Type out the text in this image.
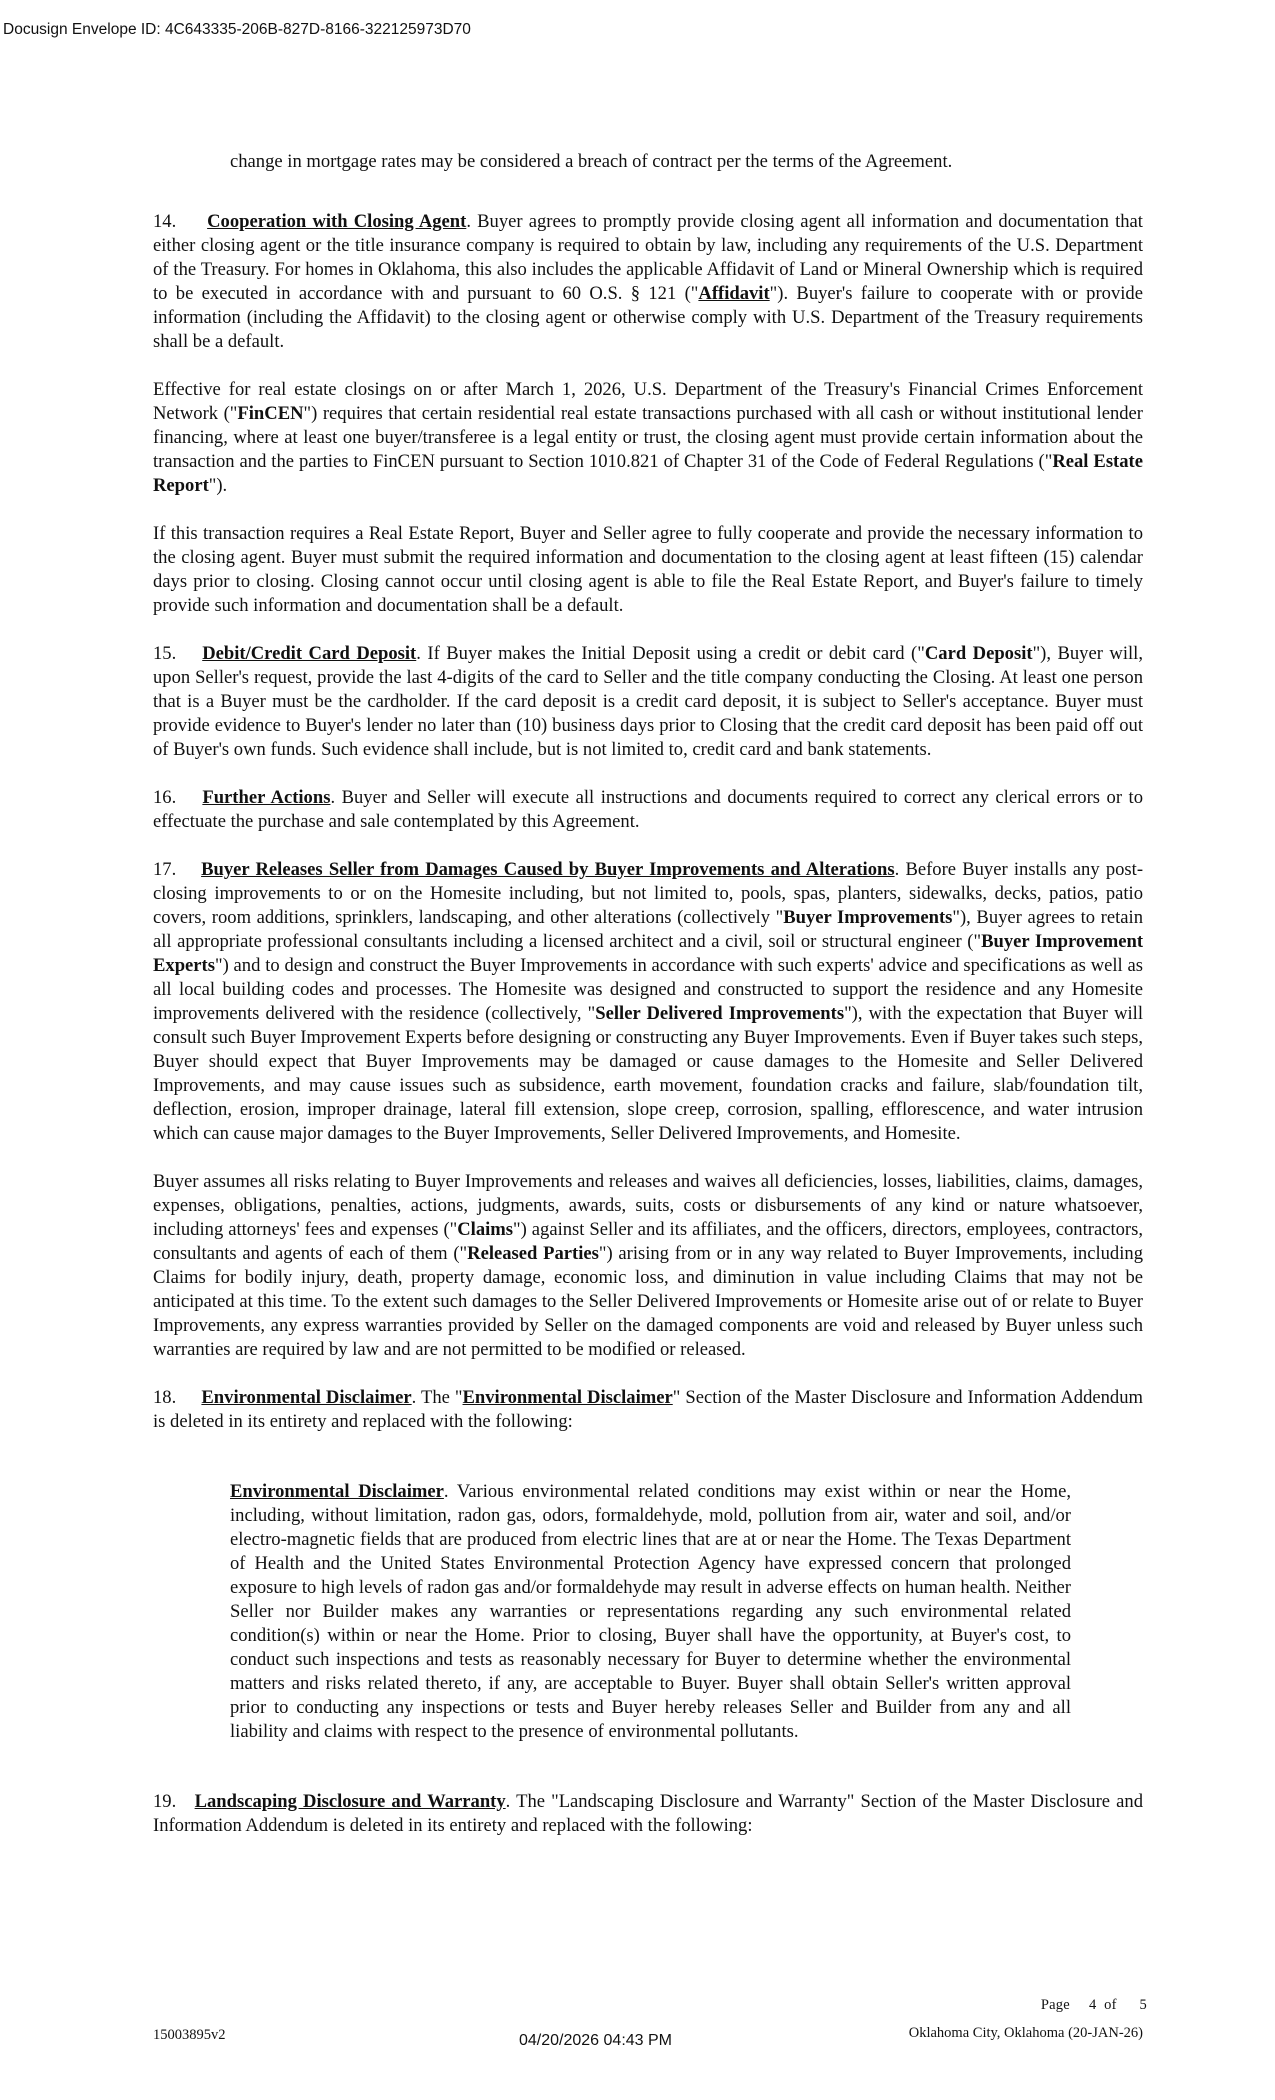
Docusign Envelope ID: 4C643335-206B-827D-8166-322125973D70

change in mortgage rates may be considered a breach of contract per the terms of the Agreement.

14. Cooperation with Closing Agent. Buyer agrees to promptly provide closing agent all information and documentation that either closing agent or the title insurance company is required to obtain by law, including any requirements of the U.S. Department of the Treasury. For homes in Oklahoma, this also includes the applicable Affidavit of Land or Mineral Ownership which is required to be executed in accordance with and pursuant to 60 O.S. § 121 ("Affidavit"). Buyer's failure to cooperate with or provide information (including the Affidavit) to the closing agent or otherwise comply with U.S. Department of the Treasury requirements shall be a default.

Effective for real estate closings on or after March 1, 2026, U.S. Department of the Treasury's Financial Crimes Enforcement Network ("FinCEN") requires that certain residential real estate transactions purchased with all cash or without institutional lender financing, where at least one buyer/transferee is a legal entity or trust, the closing agent must provide certain information about the transaction and the parties to FinCEN pursuant to Section 1010.821 of Chapter 31 of the Code of Federal Regulations ("Real Estate Report").

If this transaction requires a Real Estate Report, Buyer and Seller agree to fully cooperate and provide the necessary information to the closing agent. Buyer must submit the required information and documentation to the closing agent at least fifteen (15) calendar days prior to closing. Closing cannot occur until closing agent is able to file the Real Estate Report, and Buyer's failure to timely provide such information and documentation shall be a default.

15. Debit/Credit Card Deposit. If Buyer makes the Initial Deposit using a credit or debit card ("Card Deposit"), Buyer will, upon Seller's request, provide the last 4-digits of the card to Seller and the title company conducting the Closing. At least one person that is a Buyer must be the cardholder. If the card deposit is a credit card deposit, it is subject to Seller's acceptance. Buyer must provide evidence to Buyer's lender no later than (10) business days prior to Closing that the credit card deposit has been paid off out of Buyer's own funds. Such evidence shall include, but is not limited to, credit card and bank statements.

16. Further Actions. Buyer and Seller will execute all instructions and documents required to correct any clerical errors or to effectuate the purchase and sale contemplated by this Agreement.

17. Buyer Releases Seller from Damages Caused by Buyer Improvements and Alterations. Before Buyer installs any post-closing improvements to or on the Homesite including, but not limited to, pools, spas, planters, sidewalks, decks, patios, patio covers, room additions, sprinklers, landscaping, and other alterations (collectively "Buyer Improvements"), Buyer agrees to retain all appropriate professional consultants including a licensed architect and a civil, soil or structural engineer ("Buyer Improvement Experts") and to design and construct the Buyer Improvements in accordance with such experts' advice and specifications as well as all local building codes and processes. The Homesite was designed and constructed to support the residence and any Homesite improvements delivered with the residence (collectively, "Seller Delivered Improvements"), with the expectation that Buyer will consult such Buyer Improvement Experts before designing or constructing any Buyer Improvements. Even if Buyer takes such steps, Buyer should expect that Buyer Improvements may be damaged or cause damages to the Homesite and Seller Delivered Improvements, and may cause issues such as subsidence, earth movement, foundation cracks and failure, slab/foundation tilt, deflection, erosion, improper drainage, lateral fill extension, slope creep, corrosion, spalling, efflorescence, and water intrusion which can cause major damages to the Buyer Improvements, Seller Delivered Improvements, and Homesite.

Buyer assumes all risks relating to Buyer Improvements and releases and waives all deficiencies, losses, liabilities, claims, damages, expenses, obligations, penalties, actions, judgments, awards, suits, costs or disbursements of any kind or nature whatsoever, including attorneys' fees and expenses ("Claims") against Seller and its affiliates, and the officers, directors, employees, contractors, consultants and agents of each of them ("Released Parties") arising from or in any way related to Buyer Improvements, including Claims for bodily injury, death, property damage, economic loss, and diminution in value including Claims that may not be anticipated at this time. To the extent such damages to the Seller Delivered Improvements or Homesite arise out of or relate to Buyer Improvements, any express warranties provided by Seller on the damaged components are void and released by Buyer unless such warranties are required by law and are not permitted to be modified or released.

18. Environmental Disclaimer. The "Environmental Disclaimer" Section of the Master Disclosure and Information Addendum is deleted in its entirety and replaced with the following:

Environmental Disclaimer. Various environmental related conditions may exist within or near the Home, including, without limitation, radon gas, odors, formaldehyde, mold, pollution from air, water and soil, and/or electro-magnetic fields that are produced from electric lines that are at or near the Home. The Texas Department of Health and the United States Environmental Protection Agency have expressed concern that prolonged exposure to high levels of radon gas and/or formaldehyde may result in adverse effects on human health. Neither Seller nor Builder makes any warranties or representations regarding any such environmental related condition(s) within or near the Home. Prior to closing, Buyer shall have the opportunity, at Buyer's cost, to conduct such inspections and tests as reasonably necessary for Buyer to determine whether the environmental matters and risks related thereto, if any, are acceptable to Buyer. Buyer shall obtain Seller's written approval prior to conducting any inspections or tests and Buyer hereby releases Seller and Builder from any and all liability and claims with respect to the presence of environmental pollutants.

19. Landscaping Disclosure and Warranty. The "Landscaping Disclosure and Warranty" Section of the Master Disclosure and Information Addendum is deleted in its entirety and replaced with the following:

Page     4  of      5
15003895v2	04/20/2026 04:43 PM	Oklahoma City, Oklahoma (20-JAN-26)
